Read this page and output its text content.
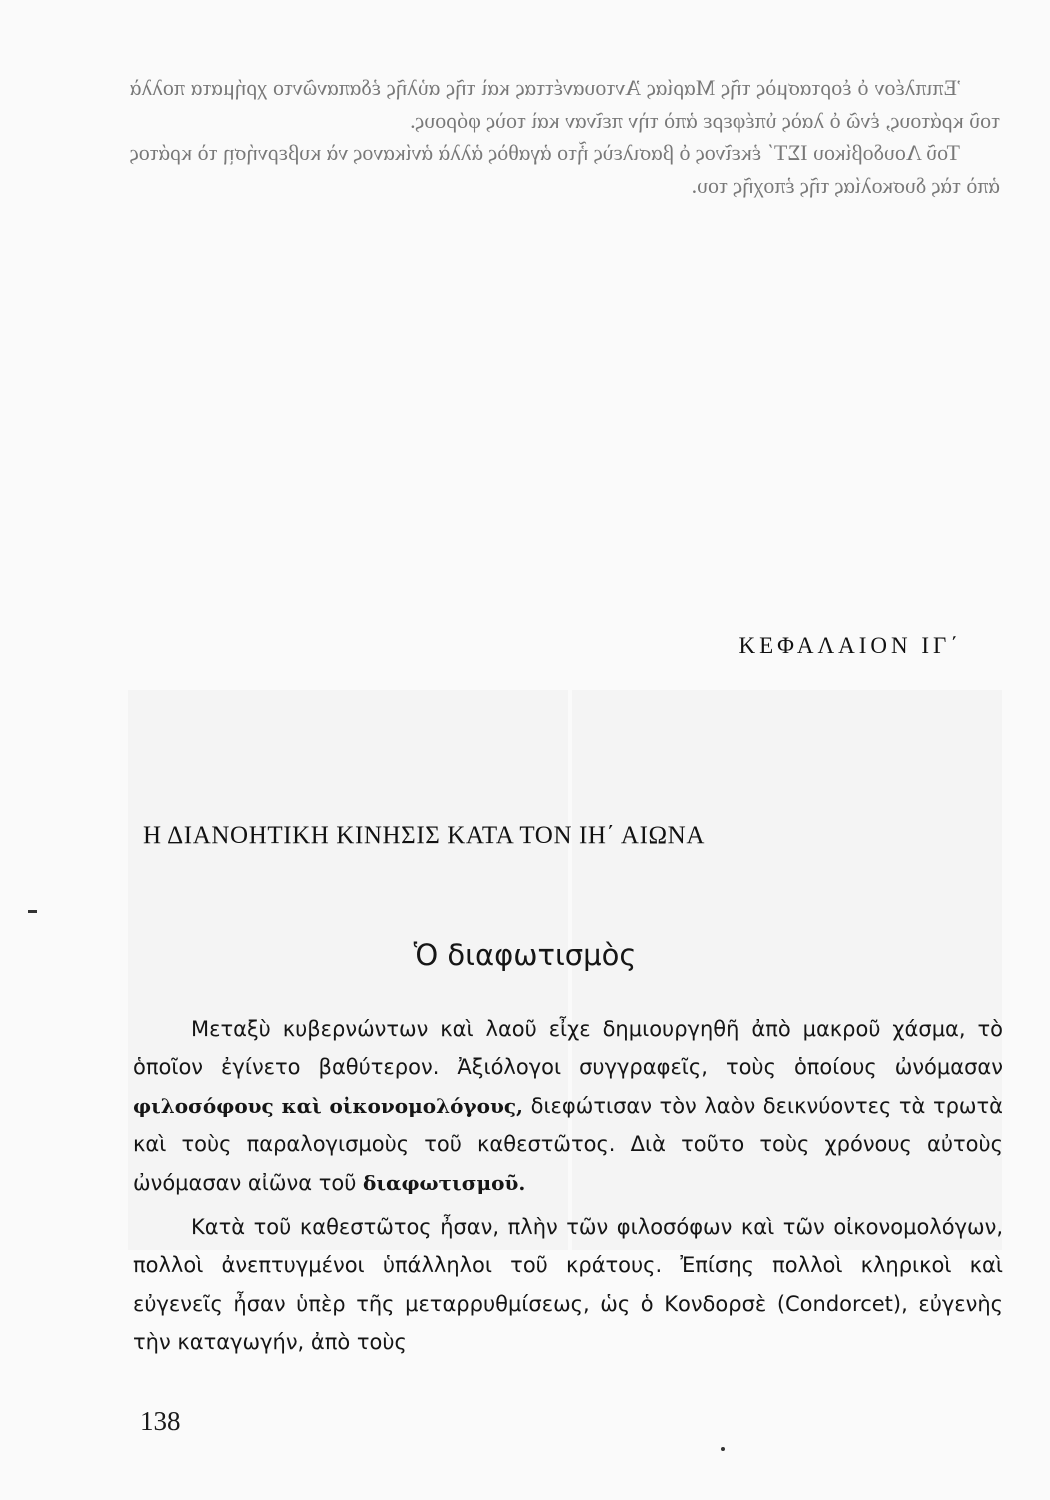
Ἐπιπλέον ὁ ἑορτασμὸς τῆς Μαρίας Ἀντουανέττας καὶ τῆς αὐλῆς ἐδαπανῶντο χρήματα πολλὰ τοῦ κράτους, ἐνῶ ὁ λαὸς ὑπέφερε ἀπὸ τὴν πεῖναν καὶ τοὺς φόρους.

Τοῦ Λουδοβίκου ΙΣΤ΄ ἐκεῖνος ὁ βασιλεὺς ἦτο ἀγαθὸς ἀλλὰ ἀνίκανος νὰ κυβερνήσῃ τὸ κράτος ἀπὸ τὰς δυσκολίας τῆς ἐποχῆς του.

ΚΕΦΑΛΑΙΟΝ ΙΓ΄
Η ΔΙΑΝΟΗΤΙΚΗ ΚΙΝΗΣΙΣ ΚΑΤΑ ΤΟΝ ΙΗ΄ ΑΙΩΝΑ
Ὁ διαφωτισμὸς

Μεταξὺ κυβερνώντων καὶ λαοῦ εἶχε δημιουργηθῆ ἀπὸ μακροῦ χάσμα, τὸ ὁποῖον ἐγίνετο βαθύτερον. Ἀξιόλογοι συγγραφεῖς, τοὺς ὁποίους ὠνόμασαν φιλοσόφους καὶ οἰκονομολόγους, διεφώτισαν τὸν λαὸν δεικνύοντες τὰ τρωτὰ καὶ τοὺς παραλογισμοὺς τοῦ καθεστῶτος. Διὰ τοῦτο τοὺς χρόνους αὐτοὺς ὠνόμασαν αἰῶνα τοῦ διαφωτισμοῦ.

Κατὰ τοῦ καθεστῶτος ἦσαν, πλὴν τῶν φιλοσόφων καὶ τῶν οἰκονομολόγων, πολλοὶ ἀνεπτυγμένοι ὑπάλληλοι τοῦ κράτους. Ἐπίσης πολλοὶ κληρικοὶ καὶ εὐγενεῖς ἦσαν ὑπὲρ τῆς μεταρρυθμίσεως, ὡς ὁ Κονδορσὲ (Condorcet), εὐγενὴς τὴν καταγωγήν, ἀπὸ τοὺς

138
